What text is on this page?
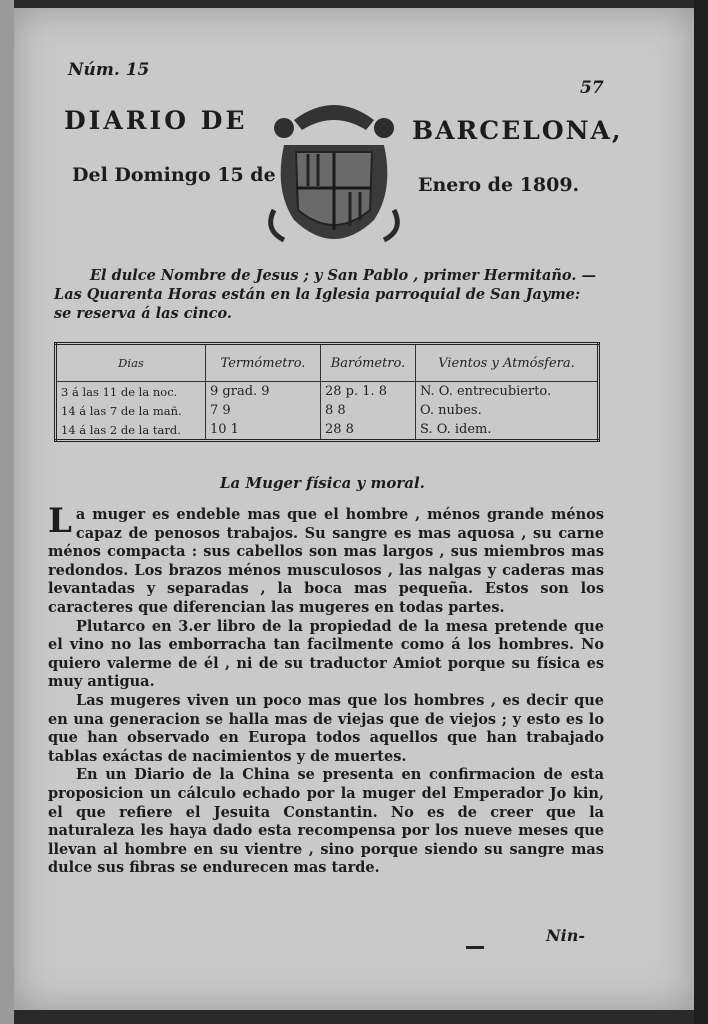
Núm. 15
57
DIARIO DE	BARCELONA,
Del Domingo 15 de	Enero de 1809.

El dulce Nombre de Jesus ; y San Pablo , primer Hermitaño. —

Las Quarenta Horas están en la Iglesia parroquial de San Jayme:

se reserva á las cinco.

Dias	Termómetro.	Barómetro.	Vientos y Atmósfera.
3 á las 11 de la noc.	9 grad. 9	28 p. 1. 8	N. O. entrecubierto.
14 á las 7 de la mañ.	7 9	8 8	O. nubes.
14 á las 2 de la tard.	10 1	28 8	S. O. idem.
La Muger física y moral.

La muger es endeble mas que el hombre , ménos grande ménos capaz de penosos trabajos. Su sangre es mas aquosa , su carne ménos compacta : sus cabellos son mas largos , sus miembros mas redondos. Los brazos ménos musculosos , las nalgas y caderas mas levantadas y separadas , la boca mas pequeña. Estos son los caracteres que diferencian las mugeres en todas partes.

Plutarco en 3.er libro de la propiedad de la mesa pretende que el vino no las emborracha tan facilmente como á los hombres. No quiero valerme de él , ni de su traductor Amiot porque su física es muy antigua.

Las mugeres viven un poco mas que los hombres , es decir que en una generacion se halla mas de viejas que de viejos ; y esto es lo que han observado en Europa todos aquellos que han trabajado tablas exáctas de nacimientos y de muertes.

En un Diario de la China se presenta en confirmacion de esta proposicion un cálculo echado por la muger del Emperador Jo kin, el que refiere el Jesuita Constantin. No es de creer que la naturaleza les haya dado esta recompensa por los nueve meses que llevan al hombre en su vientre , sino porque siendo su sangre mas dulce sus fibras se endurecen mas tarde.

Nin-
